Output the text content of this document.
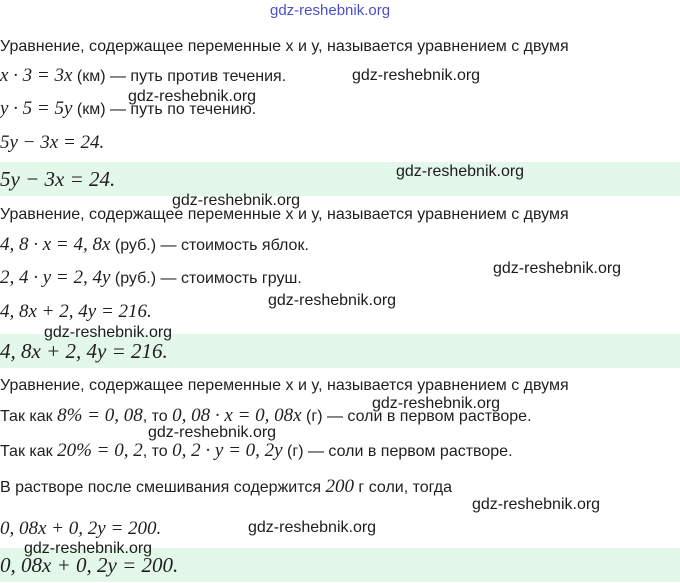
gdz-reshebnik.org
Уравнение, содержащее переменные x и y, называется уравнением с двумя
x · 3 = 3x (км) — путь против течения.
y · 5 = 5y (км) — путь по течению.
5y − 3x = 24.
5y − 3x = 24.
Уравнение, содержащее переменные x и y, называется уравнением с двумя
4, 8 · x = 4, 8x (руб.) — стоимость яблок.
2, 4 · y = 2, 4y (руб.) — стоимость груш.
4, 8x + 2, 4y = 216.
4, 8x + 2, 4y = 216.
Уравнение, содержащее переменные x и y, называется уравнением с двумя
Так как 8% = 0, 08, то 0, 08 · x = 0, 08x (г) — соли в первом растворе.
Так как 20% = 0, 2, то 0, 2 · y = 0, 2y (г) — соли в первом растворе.
В растворе после смешивания содержится 200 г соли, тогда
0, 08x + 0, 2y = 200.
0, 08x + 0, 2y = 200.
gdz-reshebnik.org
gdz-reshebnik.org
gdz-reshebnik.org
gdz-reshebnik.org
gdz-reshebnik.org
gdz-reshebnik.org
gdz-reshebnik.org
gdz-reshebnik.org
gdz-reshebnik.org
gdz-reshebnik.org
gdz-reshebnik.org
gdz-reshebnik.org
